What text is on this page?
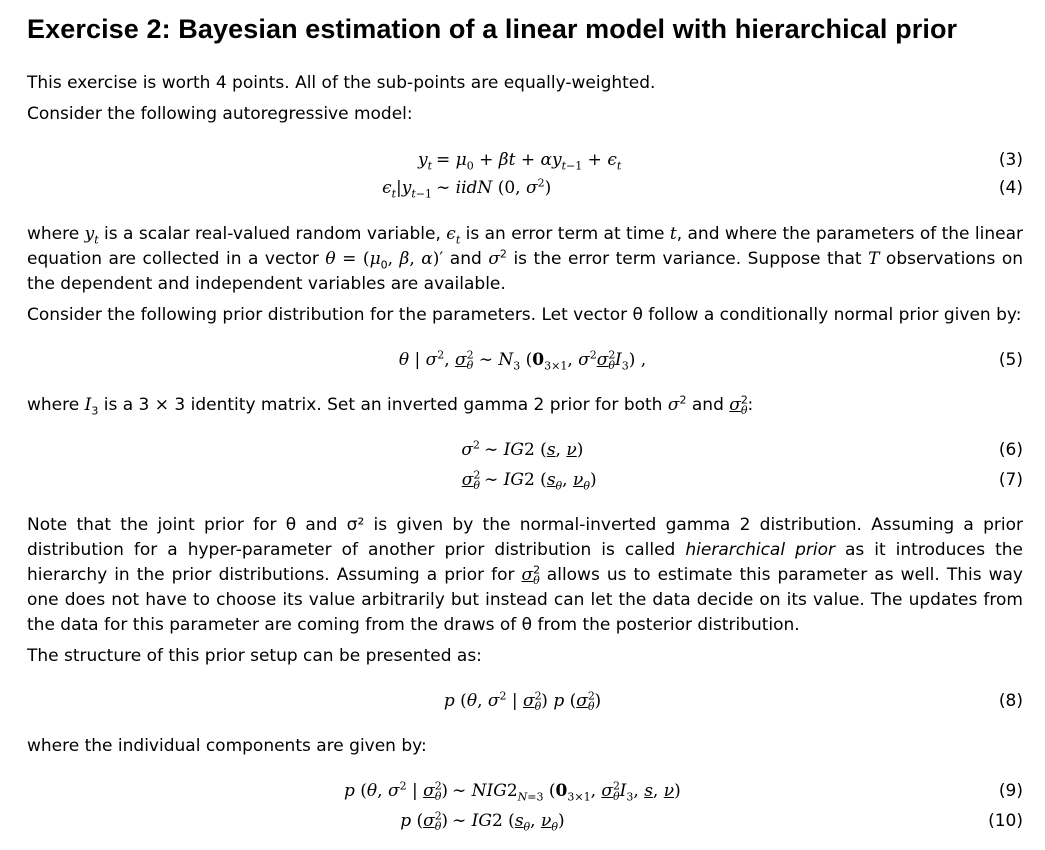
Exercise 2: Bayesian estimation of a linear model with hierarchical prior

This exercise is worth 4 points. All of the sub-points are equally-weighted.

Consider the following autoregressive model:

$y_t = \mu_0 + \beta t + \alpha y_{t-1} + \epsilon_t$	(3)
$\epsilon_t|y_{t-1}$ ∼ iidN (0, $\sigma^2$)	(4)

where $y_t$ is a scalar real-valued random variable, $\epsilon_t$ is an error term at time t, and where the parameters of the linear equation are collected in a vector $\theta = (\mu_0$, β, α)′ and $\sigma^2$ is the error term variance. Suppose that T observations on the dependent and independent variables are available.

Consider the following prior distribution for the parameters. Let vector θ follow a conditionally normal prior given by:

θ | $\sigma^2$, $\sigma^2_\theta$ ∼ $N_3$ ($0_{3\times 1}$, $\sigma^2\sigma^2_\theta I_3$) ,	(5)

where $I_3$ is a 3 × 3 identity matrix. Set an inverted gamma 2 prior for both $\sigma^2$ and $\sigma^2_\theta$:

$\sigma^2$ ∼ IG2 (s, ν)	(6)
$\sigma^2_\theta$ ∼ IG2 ($s_\theta$, $\nu_\theta$)	(7)

Note that the joint prior for θ and σ² is given by the normal-inverted gamma 2 distribution. Assuming a prior distribution for a hyper-parameter of another prior distribution is called hierarchical prior as it introduces the hierarchy in the prior distributions. Assuming a prior for $\sigma^2_\theta$ allows us to estimate this parameter as well. This way one does not have to choose its value arbitrarily but instead can let the data decide on its value. The updates from the data for this parameter are coming from the draws of θ from the posterior distribution.

The structure of this prior setup can be presented as:

p (θ, $\sigma^2$ | $\sigma^2_\theta$) p $(\sigma^2_\theta)$	(8)

where the individual components are given by:

p (θ, $\sigma^2$ | $\sigma^2_\theta$) ∼ $NIG2_{N=3}$ ($0_{3\times 1}$, $\sigma^2_\theta I_3$, s, ν)	(9)
p $(\sigma^2_\theta)$ ∼ IG2 ($s_\theta$, $\nu_\theta$)	(10)
